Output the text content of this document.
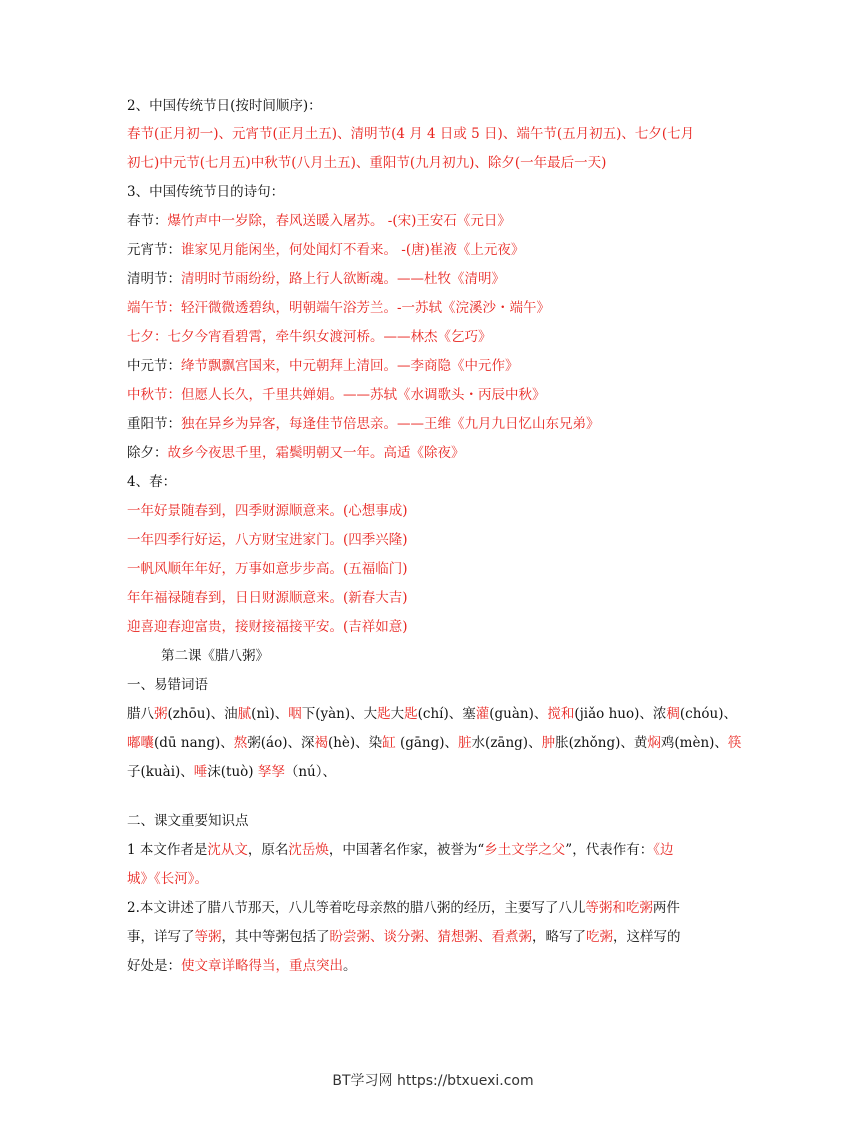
2、中国传统节日(按时间顺序)：
春节(正月初一)、元宵节(正月土五)、清明节(4 月 4 日或 5 日)、端午节(五月初五)、七夕(七月
初七)中元节(七月五)中秋节(八月土五)、重阳节(九月初九)、除夕(一年最后一天)
3、中国传统节日的诗句：
春节：爆竹声中一岁除，春风送暖入屠苏。 -(宋)王安石《元日》
元宵节：谁家见月能闲坐，何处闻灯不看来。 -(唐)崔液《上元夜》
清明节：清明时节雨纷纷，路上行人欲断魂。——杜牧《清明》
端午节：轻汗微微透碧纨，明朝端午浴芳兰。-一苏轼《浣溪沙・端午》
七夕：七夕今宵看碧霄，牵牛织女渡河桥。——林杰《乞巧》
中元节：绛节飘飘宫国来，中元朝拜上清回。—李商隐《中元作》
中秋节：但愿人长久，千里共婵娟。——苏轼《水调歌头・丙辰中秋》
重阳节：独在异乡为异客，每逢佳节倍思亲。——王维《九月九日忆山东兄弟》
除夕：故乡今夜思千里，霜鬓明朝又一年。高适《除夜》
4、春：
一年好景随春到，四季财源顺意来。(心想事成)
一年四季行好运，八方财宝进家门。(四季兴隆)
一帆风顺年年好，万事如意步步高。(五福临门)
年年福禄随春到，日日财源顺意来。(新春大吉)
迎喜迎春迎富贵，接财接福接平安。(吉祥如意)
第二课《腊八粥》
一、易错词语
腊八粥(zhōu)、油腻(nì)、咽下(yàn)、大匙大匙(chí)、塞灌(guàn)、搅和(jiǎo huo)、浓稠(chóu)、
嘟囔(dū nang)、熬粥(áo)、深褐(hè)、染缸 (gāng)、脏水(zāng)、肿胀(zhǒng)、黄焖鸡(mèn)、筷
子(kuài)、唾沫(tuò) 孥孥（nú）、
二、课文重要知识点
1 本文作者是沈从文，原名沈岳焕，中国著名作家，被誉为“乡土文学之父”，代表作有：《边
城》《长河》。
2.本文讲述了腊八节那天，八儿等着吃母亲熬的腊八粥的经历，主要写了八儿等粥和吃粥两件
事，详写了等粥，其中等粥包括了盼尝粥、谈分粥、猜想粥、看煮粥，略写了吃粥，这样写的
好处是：使文章详略得当，重点突出。
BT学习网 https://btxuexi.com
